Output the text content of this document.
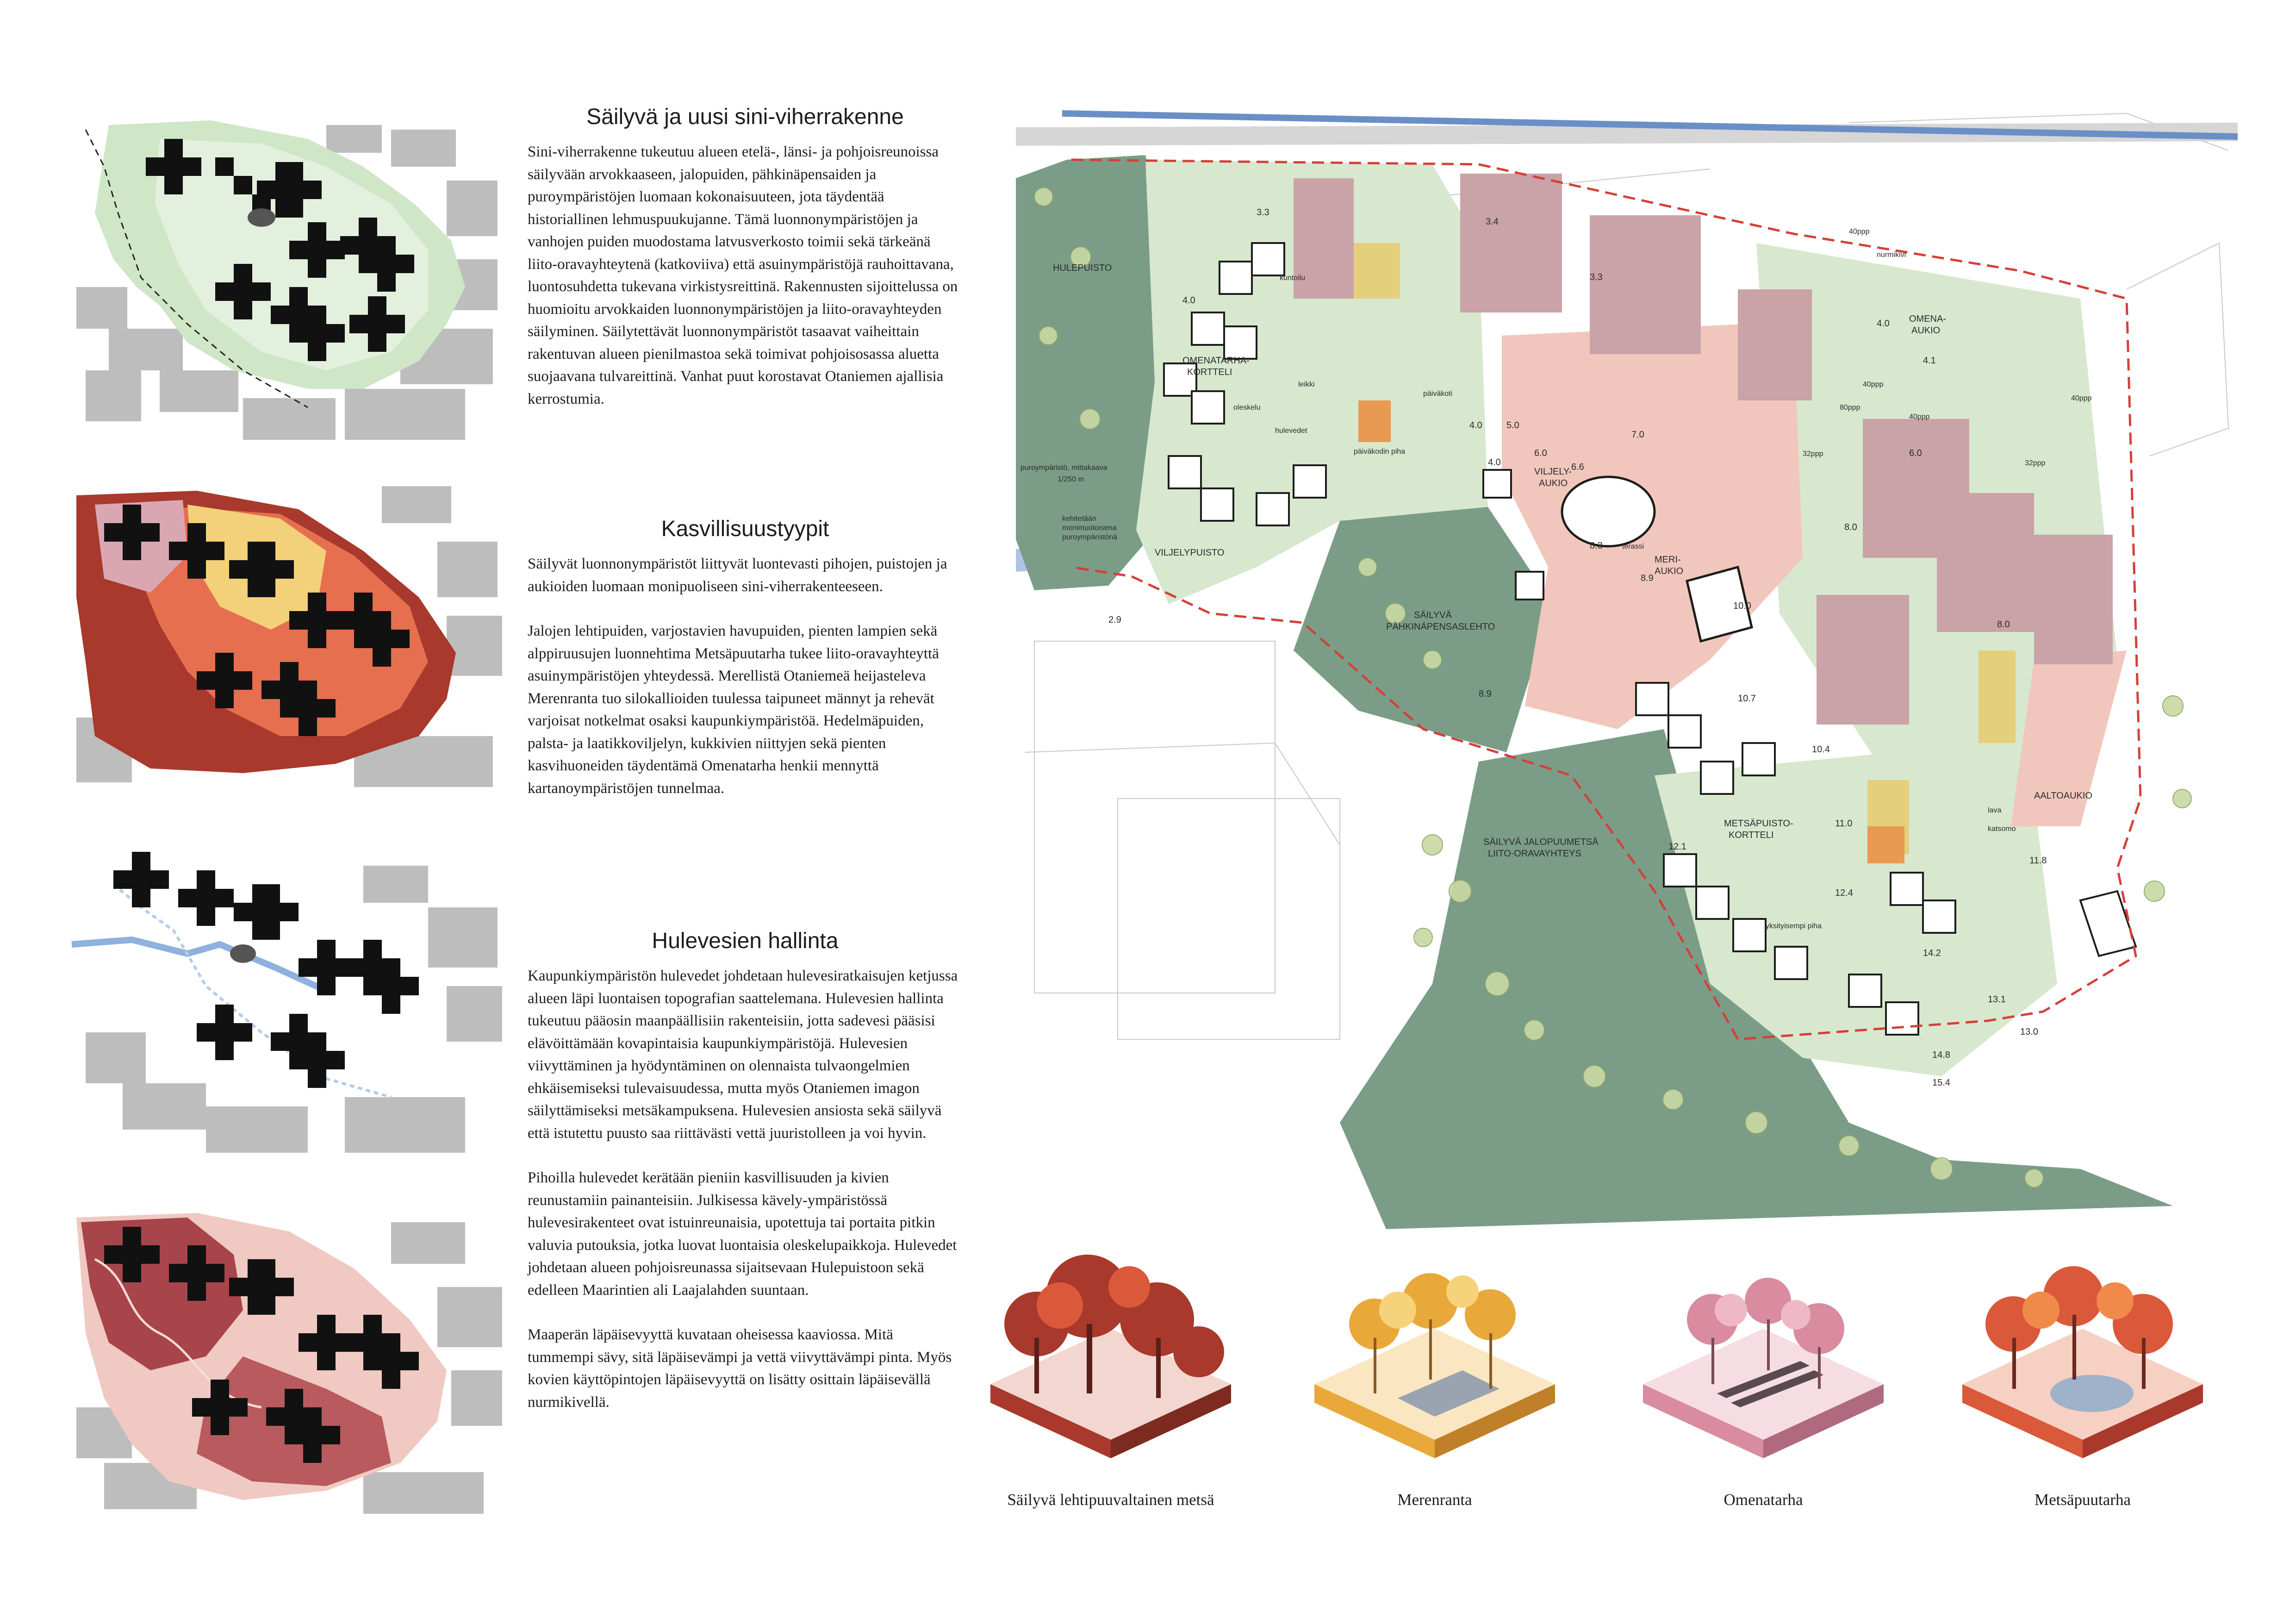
Säilyvä ja uusi sini-viherrakenne

Sini-viherrakenne tukeutuu alueen etelä-, länsi- ja pohjoisreunoissa säilyvään arvokkaaseen, jalopuiden, pähkinäpensaiden ja puroympäristöjen luomaan kokonaisuuteen, jota täydentää historiallinen lehmuspuukujanne. Tämä luonnonympäristöjen ja vanhojen puiden muodostama latvusverkosto toimii sekä tärkeänä liito-oravayhteytenä (katkoviiva) että asuinympäristöjä rauhoittavana, luontosuhdetta tukevana virkistysreittinä. Rakennusten sijoittelussa on huomioitu arvokkaiden luonnonympäristöjen ja liito-oravayhteyden säilyminen. Säilytettävät luonnonympäristöt tasaavat vaiheittain rakentuvan alueen pienilmastoa sekä toimivat pohjoisosassa aluetta suojaavana tulvareittinä. Vanhat puut korostavat Otaniemen ajallisia kerrostumia.

Kasvillisuustyypit

Säilyvät luonnonympäristöt liittyvät luontevasti pihojen, puistojen ja aukioiden luomaan monipuoliseen sini-viherrakenteeseen.

Jalojen lehtipuiden, varjostavien havupuiden, pienten lampien sekä alppiruusujen luonnehtima Metsäpuutarha tukee liito-oravayhteyttä asuinympäristöjen yhteydessä. Merellistä Otaniemeä heijasteleva Merenranta tuo silokallioiden tuulessa taipuneet männyt ja rehevät varjoisat notkelmat osaksi kaupunkiympäristöä. Hedelmäpuiden, palsta- ja laatikkoviljelyn, kukkivien niittyjen sekä pienten kasvihuoneiden täydentämä Omenatarha henkii mennyttä kartanoympäristöjen tunnelmaa.

Hulevesien hallinta

Kaupunkiympäristön hulevedet johdetaan hulevesiratkaisujen ketjussa alueen läpi luontaisen topografian saattelemana. Hulevesien hallinta tukeutuu pääosin maanpäällisiin rakenteisiin, jotta sadevesi pääsisi elävöittämään kovapintaisia kaupunkiympäristöjä. Hulevesien viivyttäminen ja hyödyntäminen on olennaista tulvaongelmien ehkäisemiseksi tulevaisuudessa, mutta myös Otaniemen imagon säilyttämiseksi metsäkampuksena. Hulevesien ansiosta sekä säilyvä että istutettu puusto saa riittävästi vettä juuristolleen ja voi hyvin.

Pihoilla hulevedet kerätään pieniin kasvillisuuden ja kivien reunustamiin painanteisiin. Julkisessa kävely-ympäristössä hulevesirakenteet ovat istuinreunaisia, upotettuja tai portaita pitkin valuvia putouksia, jotka luovat luontaisia oleskelupaikkoja. Hulevedet johdetaan alueen pohjoisreunassa sijaitsevaan Hulepuistoon sekä edelleen Maarintien ali Laajalahden suuntaan.

Maaperän läpäisevyyttä kuvataan oheisessa kaaviossa. Mitä tummempi sävy, sitä läpäisevämpi ja vettä viivyttävämpi pinta. Myös kovien käyttöpintojen läpäisevyyttä on lisätty osittain läpäisevällä nurmikivellä.

HULEPUISTO
OMENATARHA-
KORTTELI
VILJELYPUISTO
VILJELY-
AUKIO
MERI-
AUKIO
OMENA-
AUKIO
SÄILYVÄ
PÄHKINÄPENSASLEHTO
METSÄPUISTO-
KORTTELI
SÄILYVÄ JALOPUUMETSÄ
LIITO-ORAVAYHTEYS
AALTOAUKIO
puroympäristö, mittakaava
1/250 m
kehitetään
monimuotoisena
puroympäristönä
päiväkodin piha
päiväkoti
kuntoilu
oleskelu
leikki
terassi
hulevedet
nurmikivi
yksityisempi piha
lava
katsomo
3.3
3.4
4.0
4.0
4.1
4.0	5.0
6.0
6.6
7.0
8.3
8.9
10.0
10.7
10.4
11.0
12.1
12.4
14.2
13.1
13.0
14.8
15.4
8.0
6.0
8.0
11.8
2.9
8.9
4.0
3.3
40ppp
32ppp
40ppp
80ppp
40ppp
40ppp
32ppp
Säilyvä lehtipuuvaltainen metsä	Merenranta	Omenatarha	Metsäpuutarha
